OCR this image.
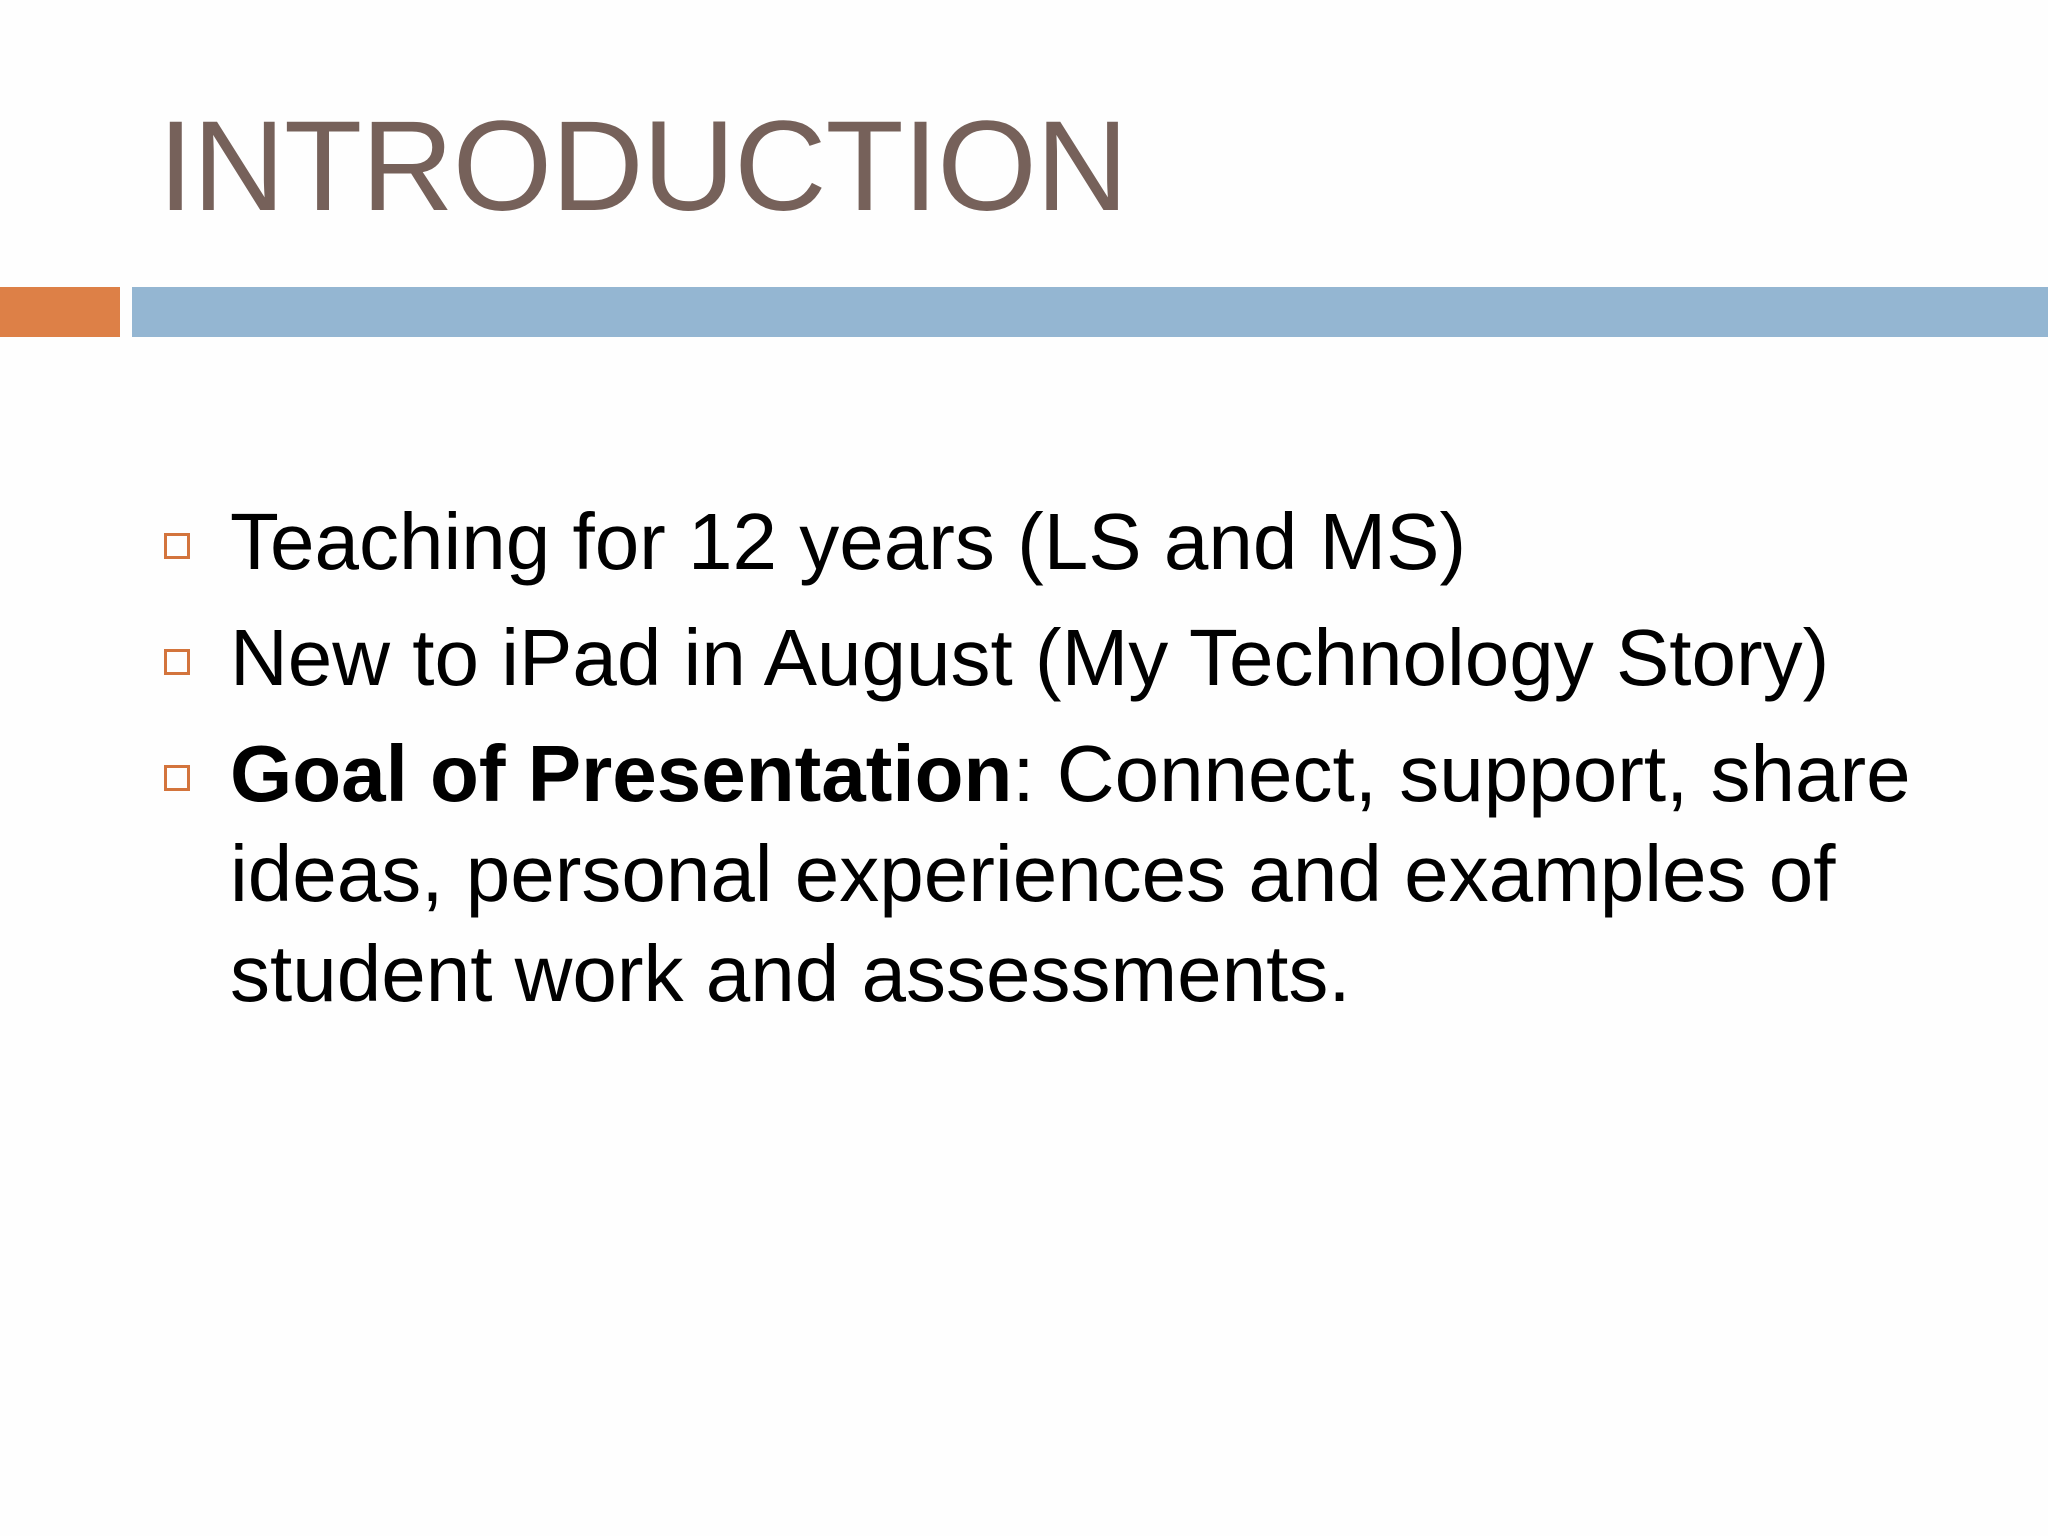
INTRODUCTION
Teaching for 12 years (LS and MS)
New to iPad in August (My Technology Story)
Goal of Presentation: Connect, support, share ideas, personal experiences and examples of student work and assessments.
